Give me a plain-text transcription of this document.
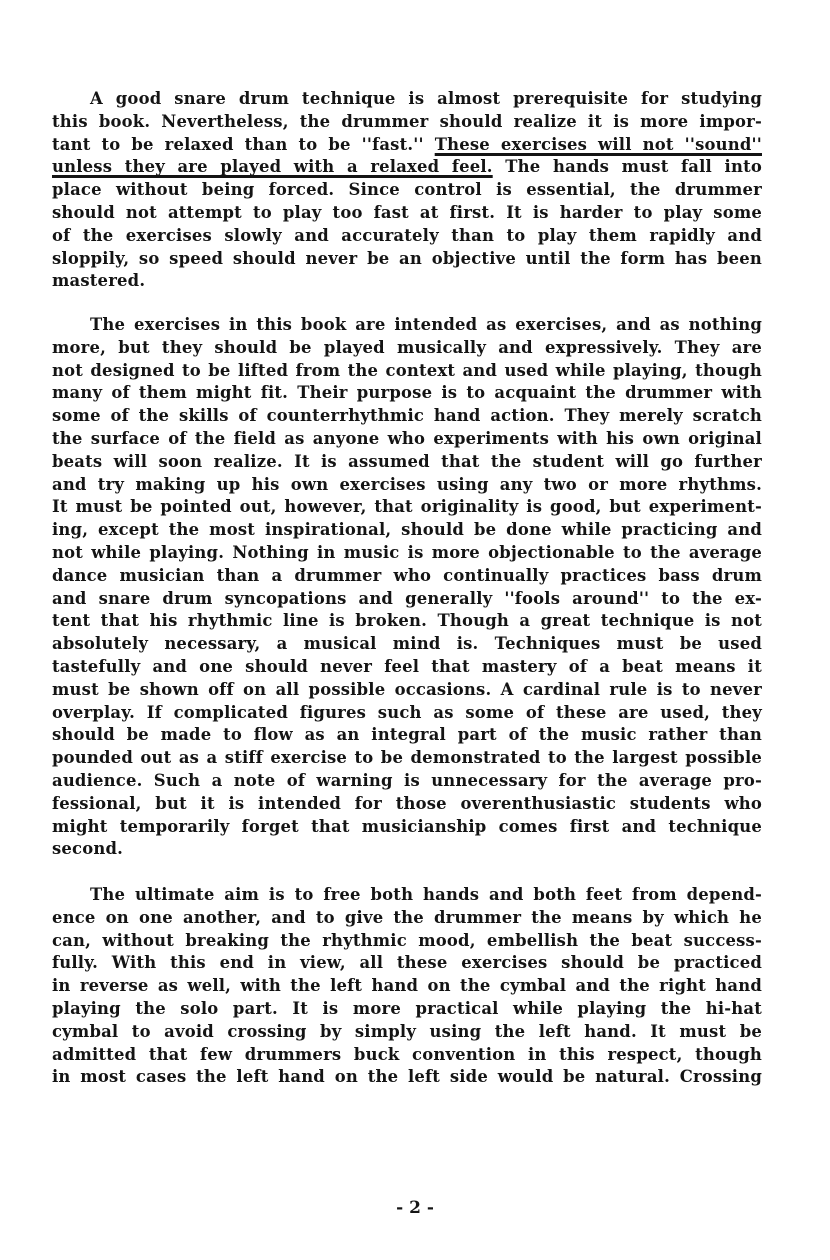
A good snare drum technique is almost prerequisite for studying
this book. Nevertheless, the drummer should realize it is more impor-
tant to be relaxed than to be ''fast.'' These exercises will not ''sound''
unless they are played with a relaxed feel. The hands must fall into
place without being forced. Since control is essential, the drummer
should not attempt to play too fast at first. It is harder to play some
of the exercises slowly and accurately than to play them rapidly and
sloppily, so speed should never be an objective until the form has been
mastered.
The exercises in this book are intended as exercises, and as nothing
more, but they should be played musically and expressively. They are
not designed to be lifted from the context and used while playing, though
many of them might fit. Their purpose is to acquaint the drummer with
some of the skills of counterrhythmic hand action. They merely scratch
the surface of the field as anyone who experiments with his own original
beats will soon realize. It is assumed that the student will go further
and try making up his own exercises using any two or more rhythms.
It must be pointed out, however, that originality is good, but experiment-
ing, except the most inspirational, should be done while practicing and
not while playing. Nothing in music is more objectionable to the average
dance musician than a drummer who continually practices bass drum
and snare drum syncopations and generally ''fools around'' to the ex-
tent that his rhythmic line is broken. Though a great technique is not
absolutely necessary, a musical mind is. Techniques must be used
tastefully and one should never feel that mastery of a beat means it
must be shown off on all possible occasions. A cardinal rule is to never
overplay. If complicated figures such as some of these are used, they
should be made to flow as an integral part of the music rather than
pounded out as a stiff exercise to be demonstrated to the largest possible
audience. Such a note of warning is unnecessary for the average pro-
fessional, but it is intended for those overenthusiastic students who
might temporarily forget that musicianship comes first and technique
second.
The ultimate aim is to free both hands and both feet from depend-
ence on one another, and to give the drummer the means by which he
can, without breaking the rhythmic mood, embellish the beat success-
fully. With this end in view, all these exercises should be practiced
in reverse as well, with the left hand on the cymbal and the right hand
playing the solo part. It is more practical while playing the hi-hat
cymbal to avoid crossing by simply using the left hand. It must be
admitted that few drummers buck convention in this respect, though
in most cases the left hand on the left side would be natural. Crossing
- 2 -
